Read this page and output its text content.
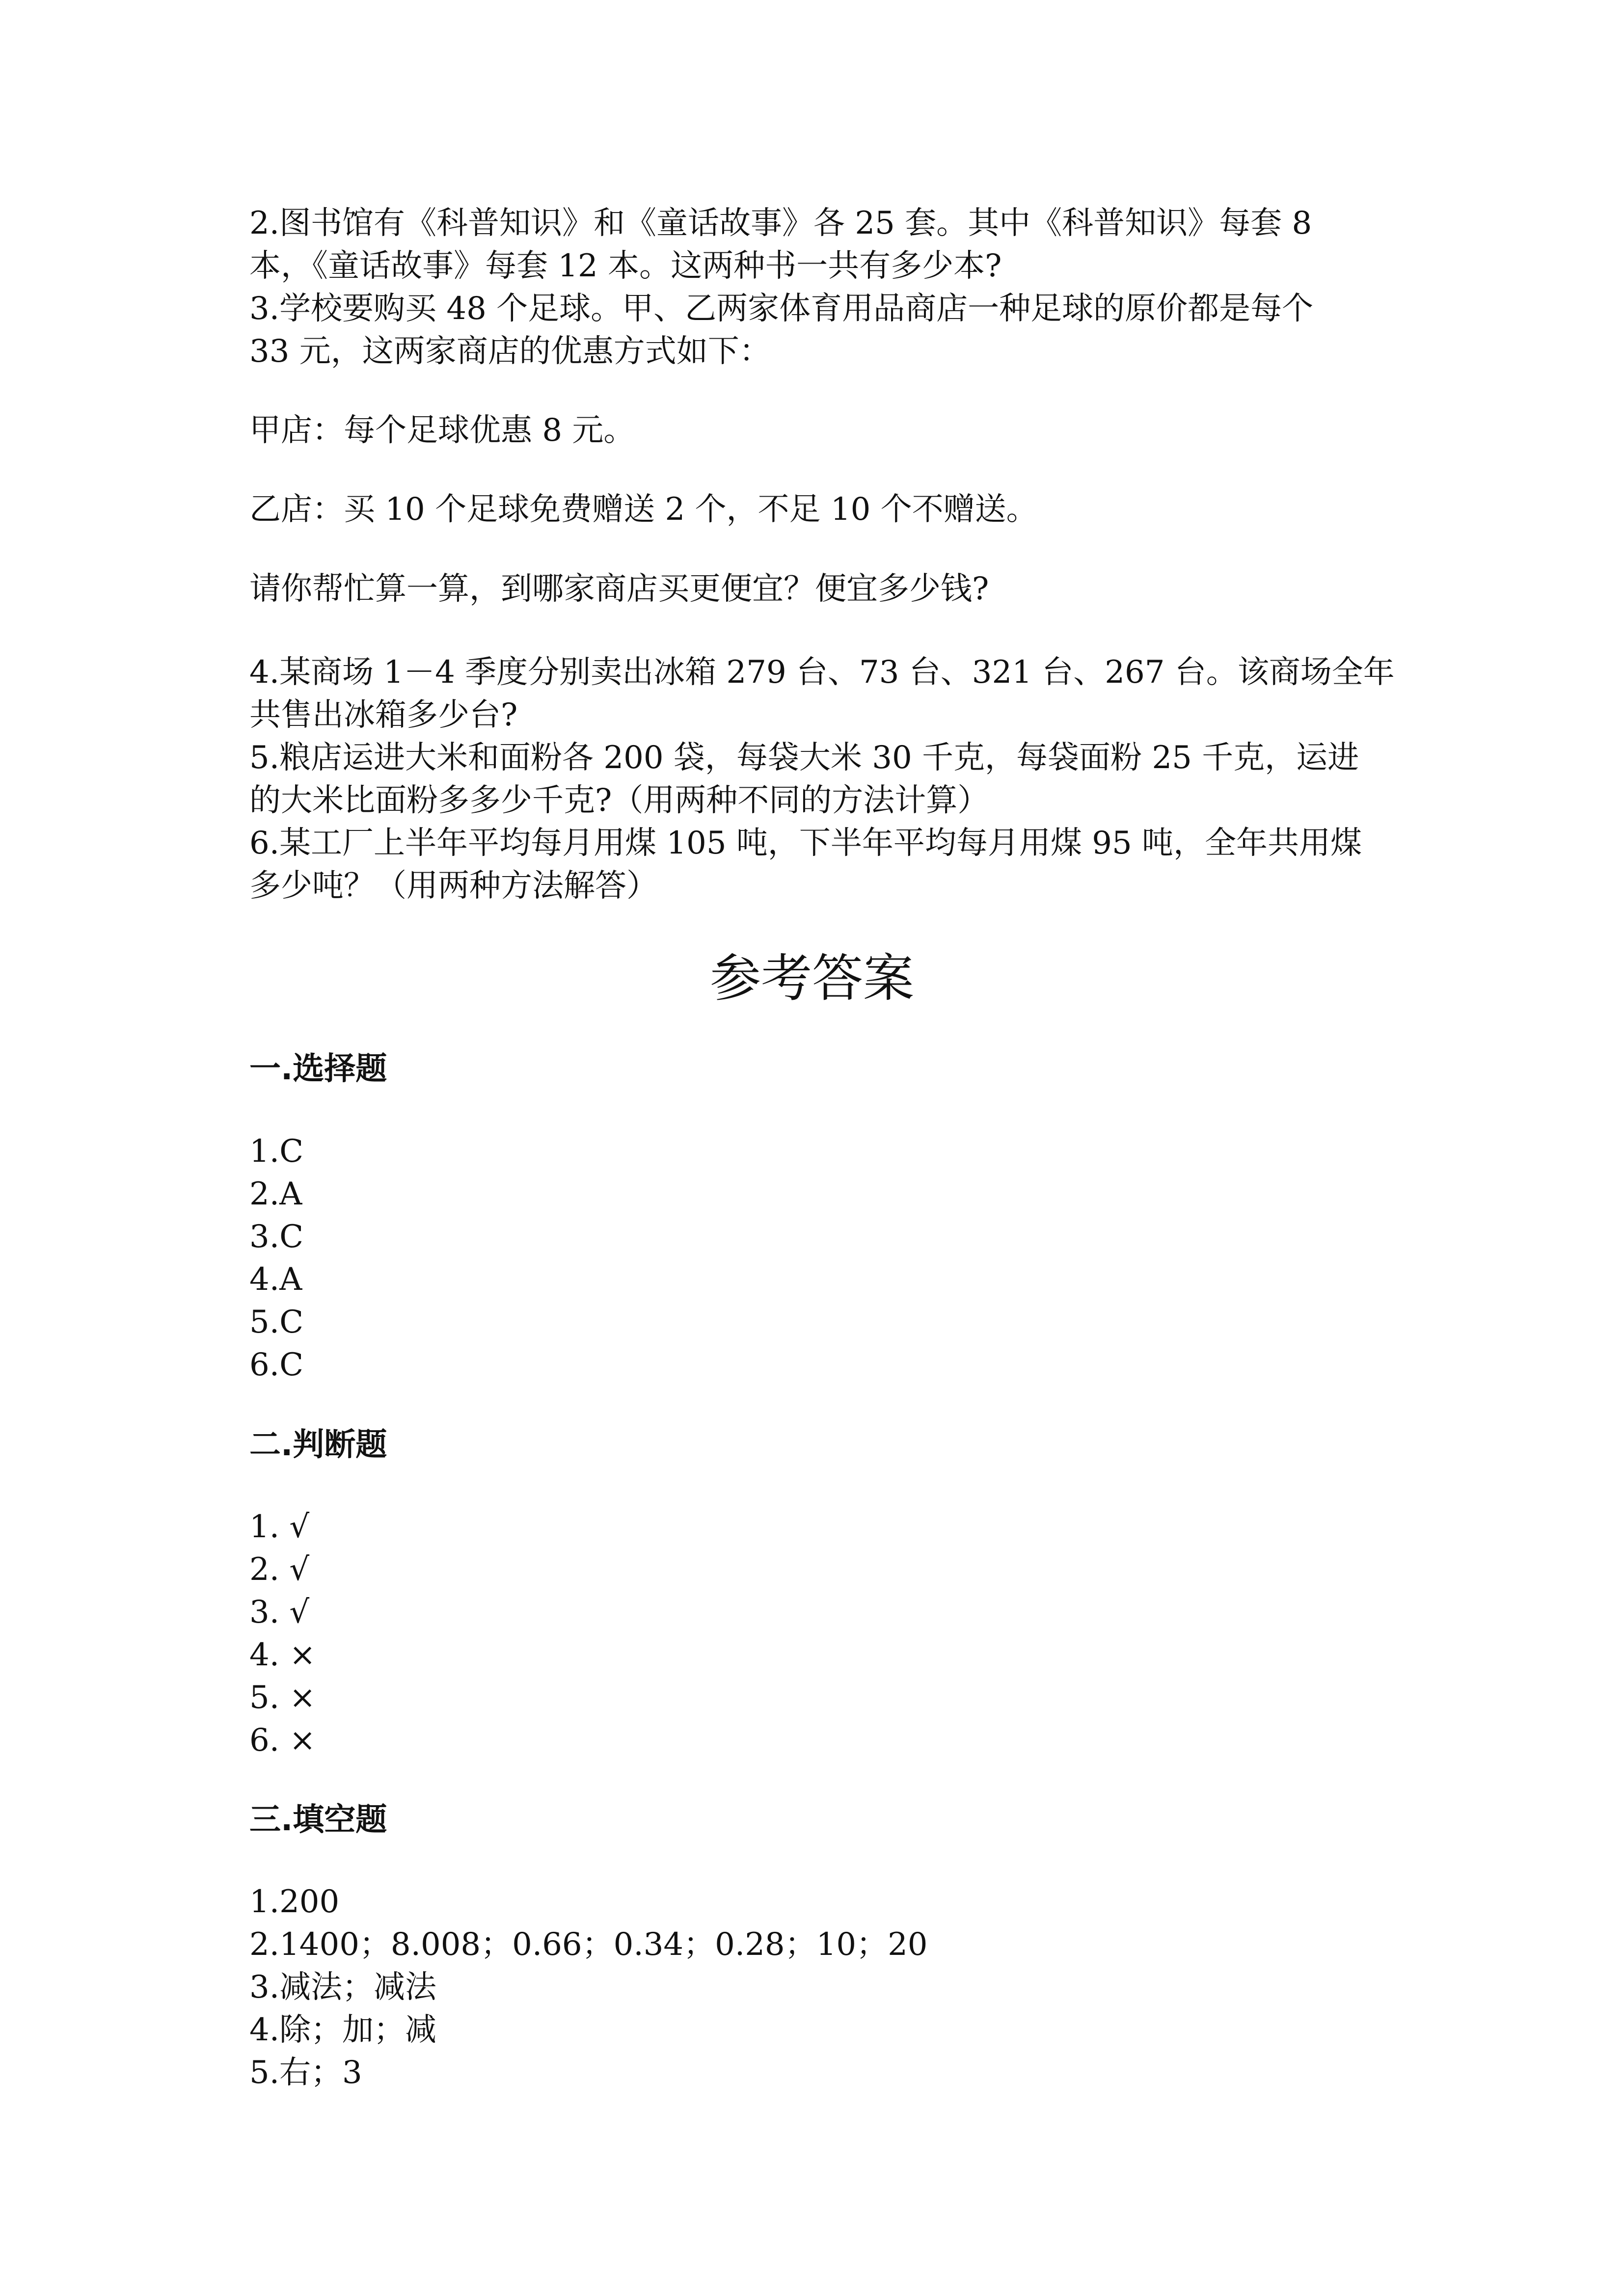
2.图书馆有《科普知识》和《童话故事》各 25 套。其中《科普知识》每套 8
本，《童话故事》每套 12 本。这两种书一共有多少本?
3.学校要购买 48 个足球。甲、乙两家体育用品商店一种足球的原价都是每个
33 元，这两家商店的优惠方式如下：
甲店：每个足球优惠 8 元。
乙店：买 10 个足球免费赠送 2 个，不足 10 个不赠送。
请你帮忙算一算，到哪家商店买更便宜？便宜多少钱?
4.某商场 1－4 季度分别卖出冰箱 279 台、73 台、321 台、267 台。该商场全年
共售出冰箱多少台?
5.粮店运进大米和面粉各 200 袋，每袋大米 30 千克，每袋面粉 25 千克，运进
的大米比面粉多多少千克?（用两种不同的方法计算）
6.某工厂上半年平均每月用煤 105 吨，下半年平均每月用煤 95 吨，全年共用煤
多少吨？（用两种方法解答）
参考答案
一.选择题
1.C
2.A
3.C
4.A
5.C
6.C
二.判断题
1. √
2. √
3. √
4. ×
5. ×
6. ×
三.填空题
1.200
2.1400；8.008；0.66；0.34；0.28；10；20
3.减法；减法
4.除；加；减
5.右；3
